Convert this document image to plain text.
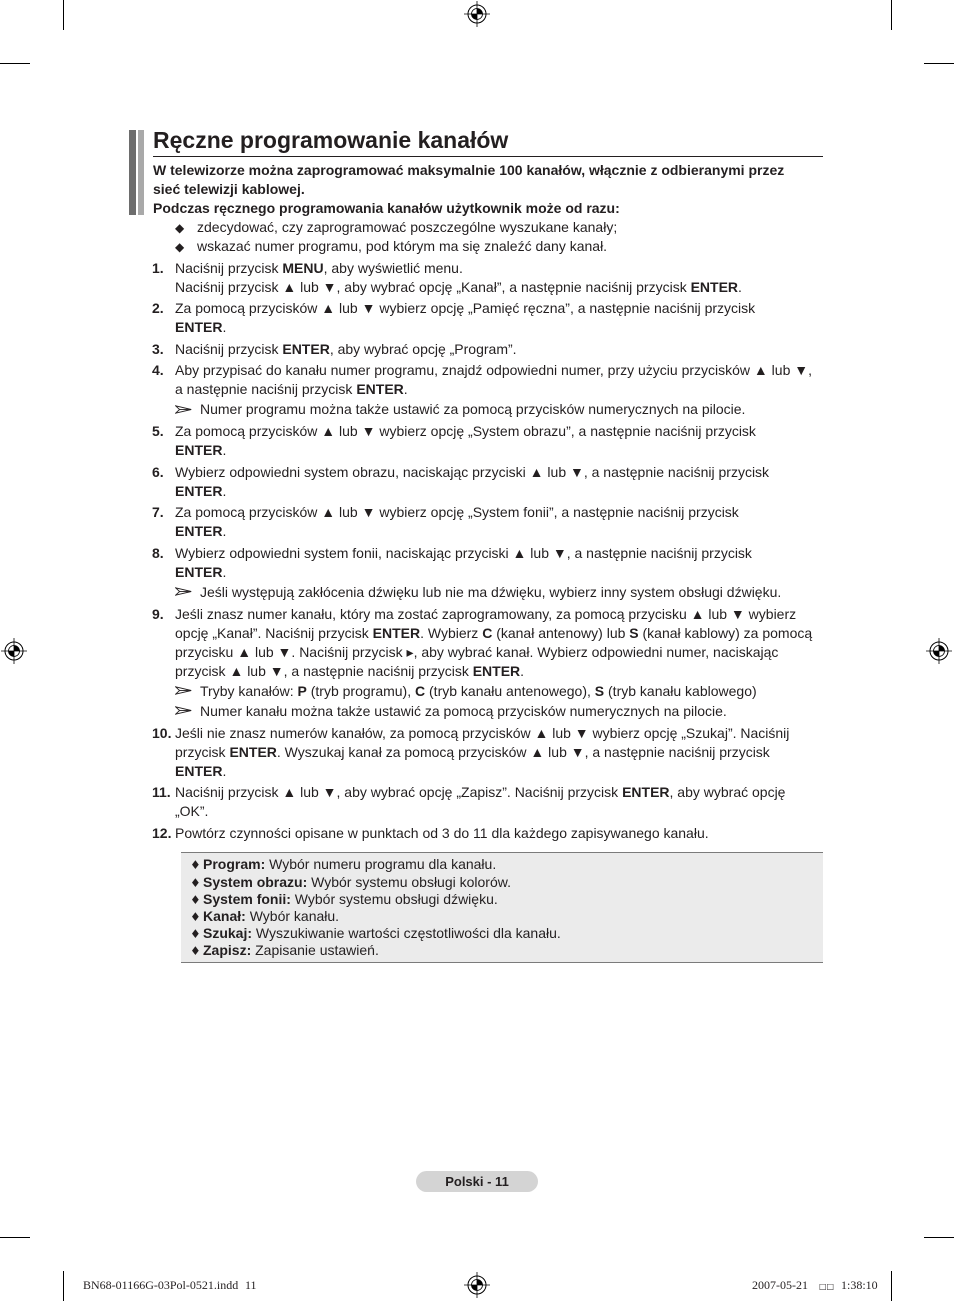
Ręczne programowanie kanałów
W telewizorze można zaprogramować maksymalnie 100 kanałów, włącznie z odbieranymi przez
sieć telewizji kablowej.
Podczas ręcznego programowania kanałów użytkownik może od razu:
◆zdecydować, czy zaprogramować poszczególne wyszukane kanały;
◆wskazać numer programu, pod którym ma się znaleźć dany kanał.
1. Naciśnij przycisk MENU, aby wyświetlić menu.
Naciśnij przycisk ▲ lub ▼, aby wybrać opcję „Kanał”, a następnie naciśnij przycisk ENTER.
2. Za pomocą przycisków ▲ lub ▼ wybierz opcję „Pamięć ręczna”, a następnie naciśnij przycisk
ENTER.
3. Naciśnij przycisk ENTER, aby wybrać opcję „Program”.
4. Aby przypisać do kanału numer programu, znajdź odpowiedni numer, przy użyciu przycisków ▲ lub ▼,
a następnie naciśnij przycisk ENTER.
Numer programu można także ustawić za pomocą przycisków numerycznych na pilocie.
5. Za pomocą przycisków ▲ lub ▼ wybierz opcję „System obrazu”, a następnie naciśnij przycisk
ENTER.
6. Wybierz odpowiedni system obrazu, naciskając przyciski ▲ lub ▼, a następnie naciśnij przycisk
ENTER.
7. Za pomocą przycisków ▲ lub ▼ wybierz opcję „System fonii”, a następnie naciśnij przycisk
ENTER.
8. Wybierz odpowiedni system fonii, naciskając przyciski ▲ lub ▼, a następnie naciśnij przycisk
ENTER.
Jeśli występują zakłócenia dźwięku lub nie ma dźwięku, wybierz inny system obsługi dźwięku.
9. Jeśli znasz numer kanału, który ma zostać zaprogramowany, za pomocą przycisku ▲ lub ▼ wybierz
opcję „Kanał”. Naciśnij przycisk ENTER. Wybierz C (kanał antenowy) lub S (kanał kablowy) za pomocą
przycisku ▲ lub ▼. Naciśnij przycisk ▸, aby wybrać kanał. Wybierz odpowiedni numer, naciskając
przycisk ▲ lub ▼, a następnie naciśnij przycisk ENTER.
Tryby kanałów: P (tryb programu), C (tryb kanału antenowego), S (tryb kanału kablowego)
Numer kanału można także ustawić za pomocą przycisków numerycznych na pilocie.
10. Jeśli nie znasz numerów kanałów, za pomocą przycisków ▲ lub ▼ wybierz opcję „Szukaj”. Naciśnij
przycisk ENTER. Wyszukaj kanał za pomocą przycisków ▲ lub ▼, a następnie naciśnij przycisk
ENTER.
11. Naciśnij przycisk ▲ lub ▼, aby wybrać opcję „Zapisz”. Naciśnij przycisk ENTER, aby wybrać opcję
„OK”.
12. Powtórz czynności opisane w punktach od 3 do 11 dla każdego zapisywanego kanału.
♦Program: Wybór numeru programu dla kanału.
♦System obrazu: Wybór systemu obsługi kolorów.
♦System fonii: Wybór systemu obsługi dźwięku.
♦Kanał: Wybór kanału.
♦Szukaj: Wyszukiwanie wartości częstotliwości dla kanału.
♦Zapisz: Zapisanie ustawień.
Polski - 11
BN68-01166G-03Pol-0521.indd 11	2007-05-21 □□ 1:38:10
